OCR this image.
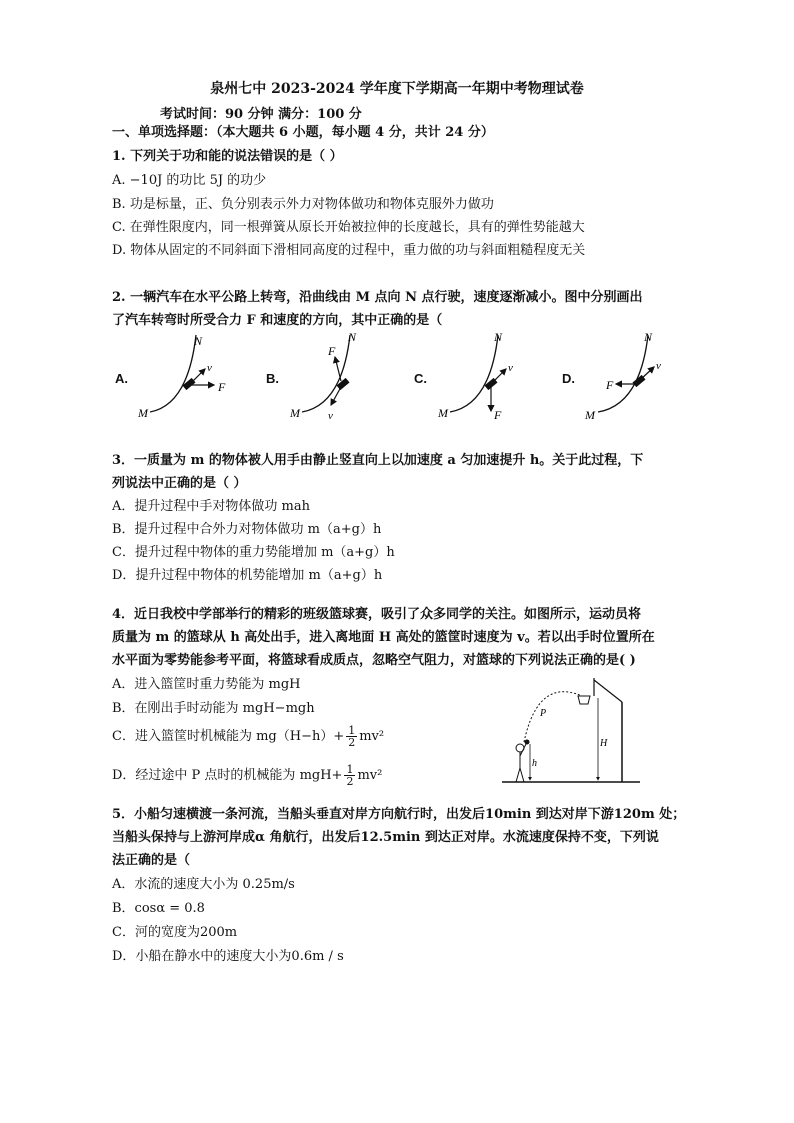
泉州七中 2023-2024 学年度下学期高一年期中考物理试卷
考试时间：90 分钟 满分：100 分
一、单项选择题：（本大题共 6 小题，每小题 4 分，共计 24 分）
1. 下列关于功和能的说法错误的是（ ）
A. −10J 的功比 5J 的功少
B. 功是标量，正、负分别表示外力对物体做功和物体克服外力做功
C. 在弹性限度内，同一根弹簧从原长开始被拉伸的长度越长，具有的弹性势能越大
D. 物体从固定的不同斜面下滑相同高度的过程中，重力做的功与斜面粗糙程度无关
2. 一辆汽车在水平公路上转弯，沿曲线由 M 点向 N 点行驶，速度逐渐减小。图中分别画出
了汽车转弯时所受合力 F 和速度的方向，其中正确的是（
A.	B.	C.	D.
M
N
v
F
M
N
F
v	M
N
v
F	M
N
v
F
3．一质量为 m 的物体被人用手由静止竖直向上以加速度 a 匀加速提升 h。关于此过程，下
列说法中正确的是（ ）
A．提升过程中手对物体做功 mah
B．提升过程中合外力对物体做功 m（a+g）h
C．提升过程中物体的重力势能增加 m（a+g）h
D．提升过程中物体的机势能增加 m（a+g）h
4．近日我校中学部举行的精彩的班级篮球赛，吸引了众多同学的关注。如图所示，运动员将
质量为 m 的篮球从 h 高处出手，进入离地面 H 高处的篮筐时速度为 v。若以出手时位置所在
水平面为零势能参考平面，将篮球看成质点，忽略空气阻力，对篮球的下列说法正确的是( )
A．进入篮筐时重力势能为 mgH
B．在刚出手时动能为 mgH−mgh
C．进入篮筐时机械能为 $mg(H-h)+ \frac{1}{2} mv^2$
D．经过途中 P 点时的机械能为 $mgH+ \frac{1}{2} mv^2$
P
H
h
5．小船匀速横渡一条河流，当船头垂直对岸方向航行时，出发后10min 到达对岸下游120m 处；
当船头保持与上游河岸成α 角航行，出发后12.5min 到达正对岸。水流速度保持不变，下列说
法正确的是（
A．水流的速度大小为 0.25m/s
B．cosα = 0.8
C．河的宽度为200m
D．小船在静水中的速度大小为0.6m / s
